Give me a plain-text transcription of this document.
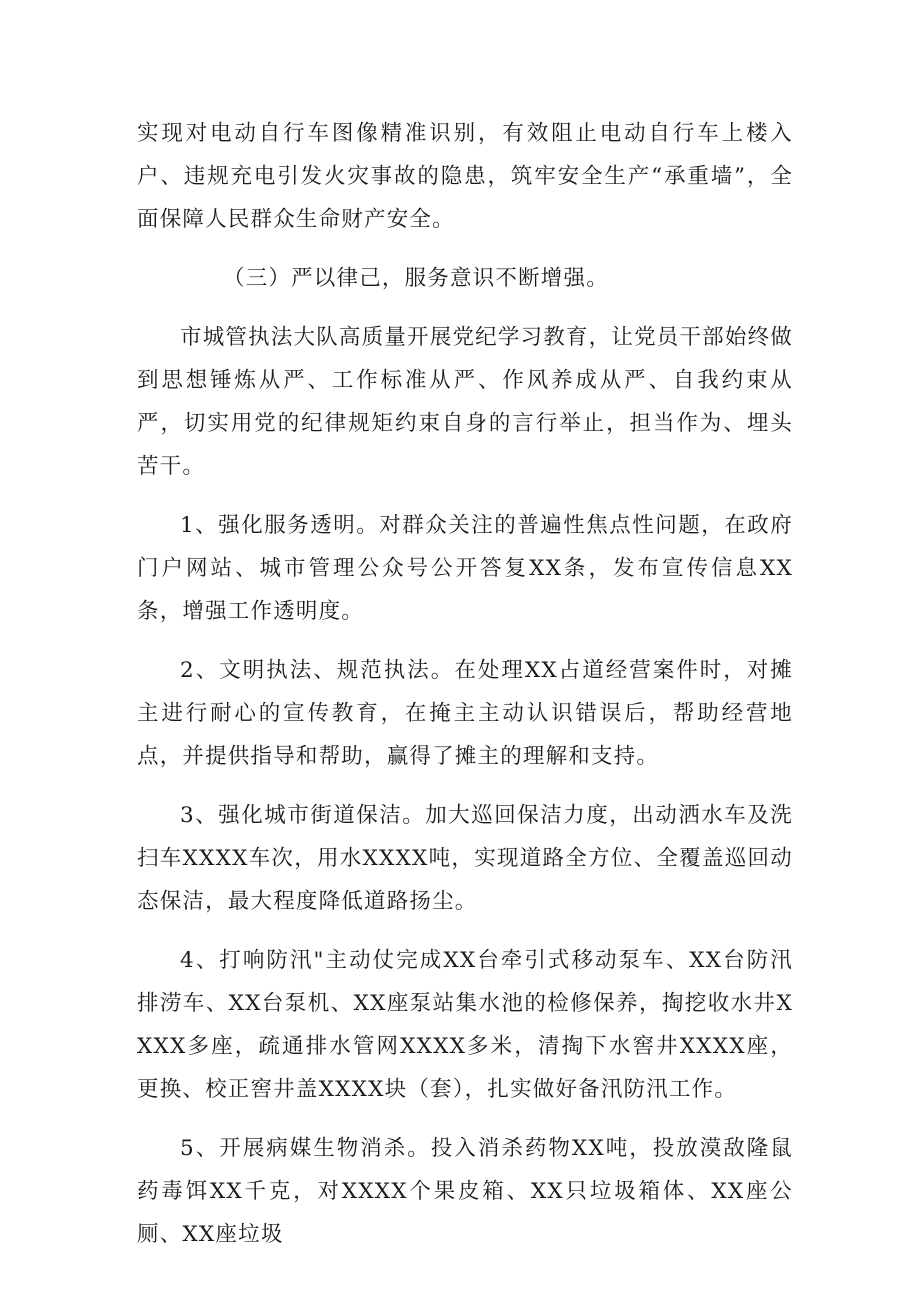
实现对电动自行车图像精准识别，有效阻止电动自行车上楼入户、违规充电引发火灾事故的隐患，筑牢安全生产“承重墙”，全面保障人民群众生命财产安全。

（三）严以律己，服务意识不断增强。

市城管执法大队高质量开展党纪学习教育，让党员干部始终做到思想锤炼从严、工作标准从严、作风养成从严、自我约束从严，切实用党的纪律规矩约束自身的言行举止，担当作为、埋头苦干。

1、强化服务透明。对群众关注的普遍性焦点性问题，在政府门户网站、城市管理公众号公开答复XX条，发布宣传信息XX条，增强工作透明度。

2、文明执法、规范执法。在处理XX占道经营案件时，对摊主进行耐心的宣传教育，在掩主主动认识错误后，帮助经营地点，并提供指导和帮助，赢得了摊主的理解和支持。

3、强化城市街道保洁。加大巡回保洁力度，出动洒水车及洗扫车XXXX车次，用水XXXX吨，实现道路全方位、全覆盖巡回动态保洁，最大程度降低道路扬尘。

4、打响防汛"主动仗完成XX台牵引式移动泵车、XX台防汛排涝车、XX台泵机、XX座泵站集水池的检修保养，掏挖收水井XXXX多座，疏通排水管网XXXX多米，清掏下水窖井XXXX座，更换、校正窖井盖XXXX块（套），扎实做好备汛防汛工作。

5、开展病媒生物消杀。投入消杀药物XX吨，投放漠敌隆鼠药毒饵XX千克，对XXXX个果皮箱、XX只垃圾箱体、XX座公厕、XX座垃圾
